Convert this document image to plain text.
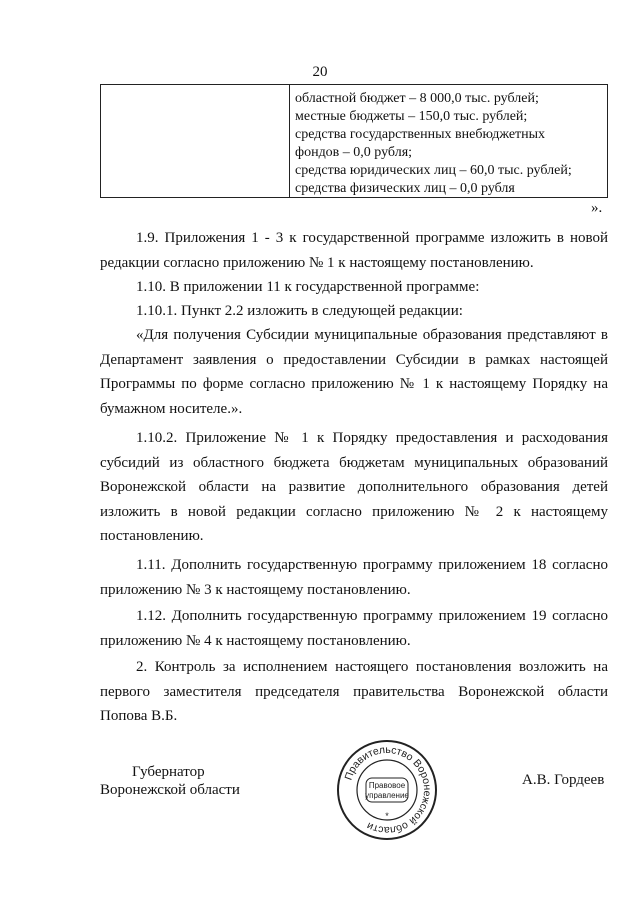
20
областной бюджет – 8 000,0 тыс. рублей;
местные бюджеты – 150,0 тыс. рублей;
средства государственных внебюджетных
фондов – 0,0 рубля;
средства юридических лиц – 60,0 тыс. рублей;
средства физических лиц – 0,0 рубля
».
1.9. Приложения 1 - 3 к государственной программе изложить в новой
редакции согласно приложению № 1 к настоящему постановлению.
1.10. В приложении 11 к государственной программе:
1.10.1. Пункт 2.2 изложить в следующей редакции:
«Для получения Субсидии муниципальные образования представляют в
Департамент заявления о предоставлении Субсидии в рамках настоящей
Программы по форме согласно приложению № 1 к настоящему Порядку на
бумажном носителе.».
1.10.2. Приложение № 1 к Порядку предоставления и расходования
субсидий из областного бюджета бюджетам муниципальных образований
Воронежской области на развитие дополнительного образования детей
изложить в новой редакции согласно приложению № 2 к настоящему
постановлению.
1.11. Дополнить государственную программу приложением 18 согласно
приложению № 3 к настоящему постановлению.
1.12. Дополнить государственную программу приложением 19 согласно
приложению № 4 к настоящему постановлению.
2. Контроль за исполнением настоящего постановления возложить на
первого заместителя председателя правительства Воронежской области
Попова В.Б.
Губернатор
Воронежской области
Правительство Воронежской области
Правовое
управление
*
А.В. Гордеев
